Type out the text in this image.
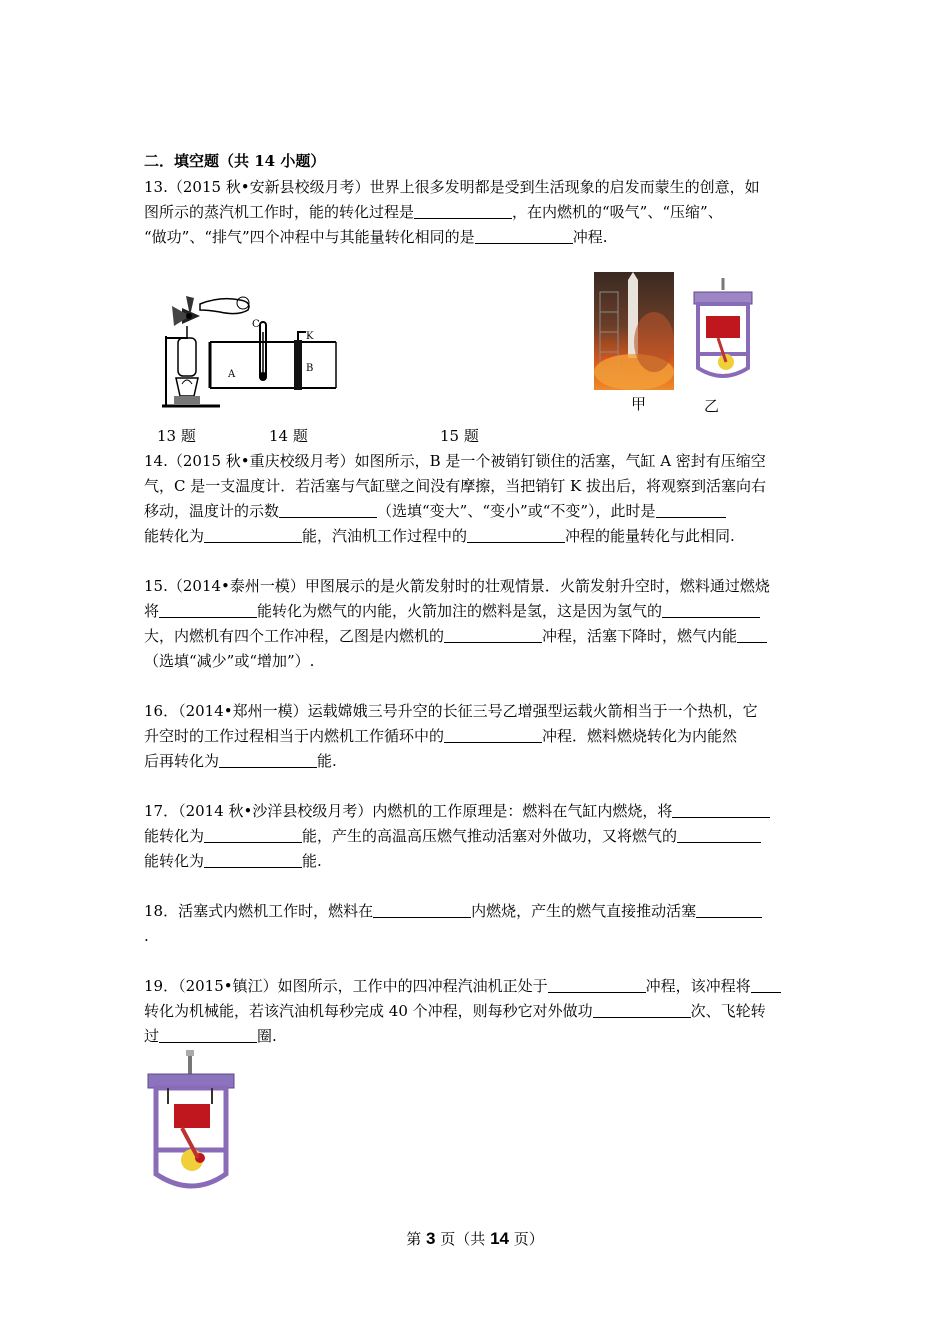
二．填空题（共 14 小题）
13.（2015 秋•安新县校级月考）世界上很多发明都是受到生活现象的启发而蒙生的创意，如
图所示的蒸汽机工作时，能的转化过程是	，在内燃机的“吸气”、“压缩”、
“做功”、“排气”四个冲程中与其能量转化相同的是	冲程.
C
K
A
B
甲	乙
13 题	14 题	15 题
14.（2015 秋•重庆校级月考）如图所示，B 是一个被销钉锁住的活塞，气缸 A 密封有压缩空
气，C 是一支温度计．若活塞与气缸壁之间没有摩擦，当把销钉 K 拔出后，将观察到活塞向右
移动，温度计的示数	（选填“变大”、“变小”或“不变”），此时是
能转化为	能，汽油机工作过程中的	冲程的能量转化与此相同.
15.（2014•泰州一模）甲图展示的是火箭发射时的壮观情景．火箭发射升空时，燃料通过燃烧
将	能转化为燃气的内能，火箭加注的燃料是氢，这是因为氢气的
大，内燃机有四个工作冲程，乙图是内燃机的	冲程，活塞下降时，燃气内能
（选填“减少”或“增加”）.
16．（2014•郑州一模）运载嫦娥三号升空的长征三号乙增强型运载火箭相当于一个热机，它
升空时的工作过程相当于内燃机工作循环中的	冲程．燃料燃烧转化为内能然
后再转化为	能.
17．（2014 秋•沙洋县校级月考）内燃机的工作原理是：燃料在气缸内燃烧，将
能转化为	能，产生的高温高压燃气推动活塞对外做功，又将燃气的
能转化为	能.
18．活塞式内燃机工作时，燃料在	内燃烧，产生的燃气直接推动活塞
.
19．（2015•镇江）如图所示，工作中的四冲程汽油机正处于	冲程，该冲程将
转化为机械能，若该汽油机每秒完成 40 个冲程，则每秒它对外做功	次、飞轮转
过	圈.
第 3 页（共 14 页）
